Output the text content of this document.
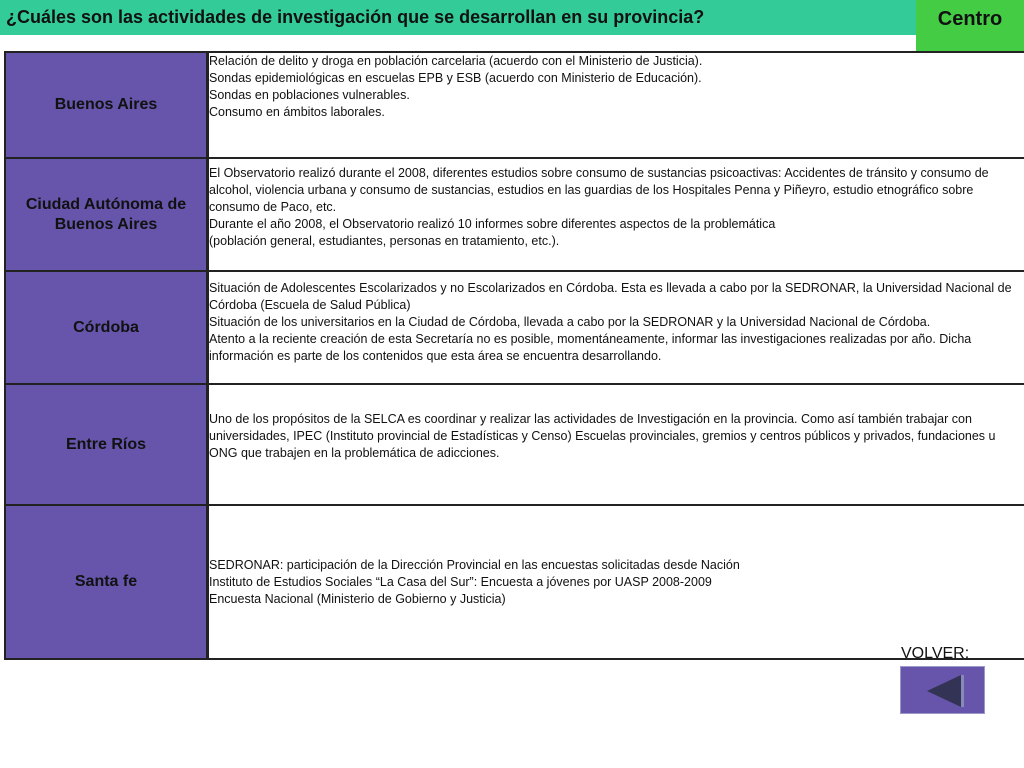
¿Cuáles son las actividades de investigación que se desarrollan en su provincia?	Centro
Buenos Aires	Relación de delito y droga en población carcelaria (acuerdo con el Ministerio de Justicia).
Sondas epidemiológicas en escuelas EPB y ESB (acuerdo con Ministerio de Educación).
Sondas en poblaciones vulnerables.
Consumo en ámbitos laborales.
Ciudad Autónoma de Buenos Aires	El Observatorio realizó durante el 2008, diferentes estudios sobre consumo de sustancias psicoactivas: Accidentes de tránsito y consumo de alcohol, violencia urbana y consumo de sustancias, estudios en las guardias de los Hospitales Penna y Piñeyro, estudio etnográfico sobre consumo de Paco, etc.
Durante el año 2008, el Observatorio realizó 10 informes sobre diferentes aspectos de la problemática
(población general, estudiantes, personas en tratamiento, etc.).
Córdoba	Situación de Adolescentes Escolarizados y no Escolarizados en Córdoba. Esta es llevada a cabo por la SEDRONAR, la Universidad Nacional de Córdoba (Escuela de Salud Pública)
Situación de los universitarios en la Ciudad de Córdoba, llevada a cabo por la SEDRONAR y la Universidad Nacional de Córdoba.
Atento a la reciente creación de esta Secretaría no es posible, momentáneamente, informar las investigaciones realizadas por año. Dicha información es parte de los contenidos que esta área se encuentra desarrollando.
Entre Ríos	Uno de los propósitos de la SELCA es coordinar y realizar las actividades de Investigación en la provincia. Como así también trabajar con universidades, IPEC (Instituto provincial de Estadísticas y Censo) Escuelas provinciales, gremios y centros públicos y privados, fundaciones u ONG que trabajen en la problemática de adicciones.
Santa fe	SEDRONAR: participación de la Dirección Provincial en las encuestas solicitadas desde Nación
Instituto de Estudios Sociales “La Casa del Sur”: Encuesta a jóvenes por UASP 2008-2009
Encuesta Nacional (Ministerio de Gobierno y Justicia)
VOLVER:
